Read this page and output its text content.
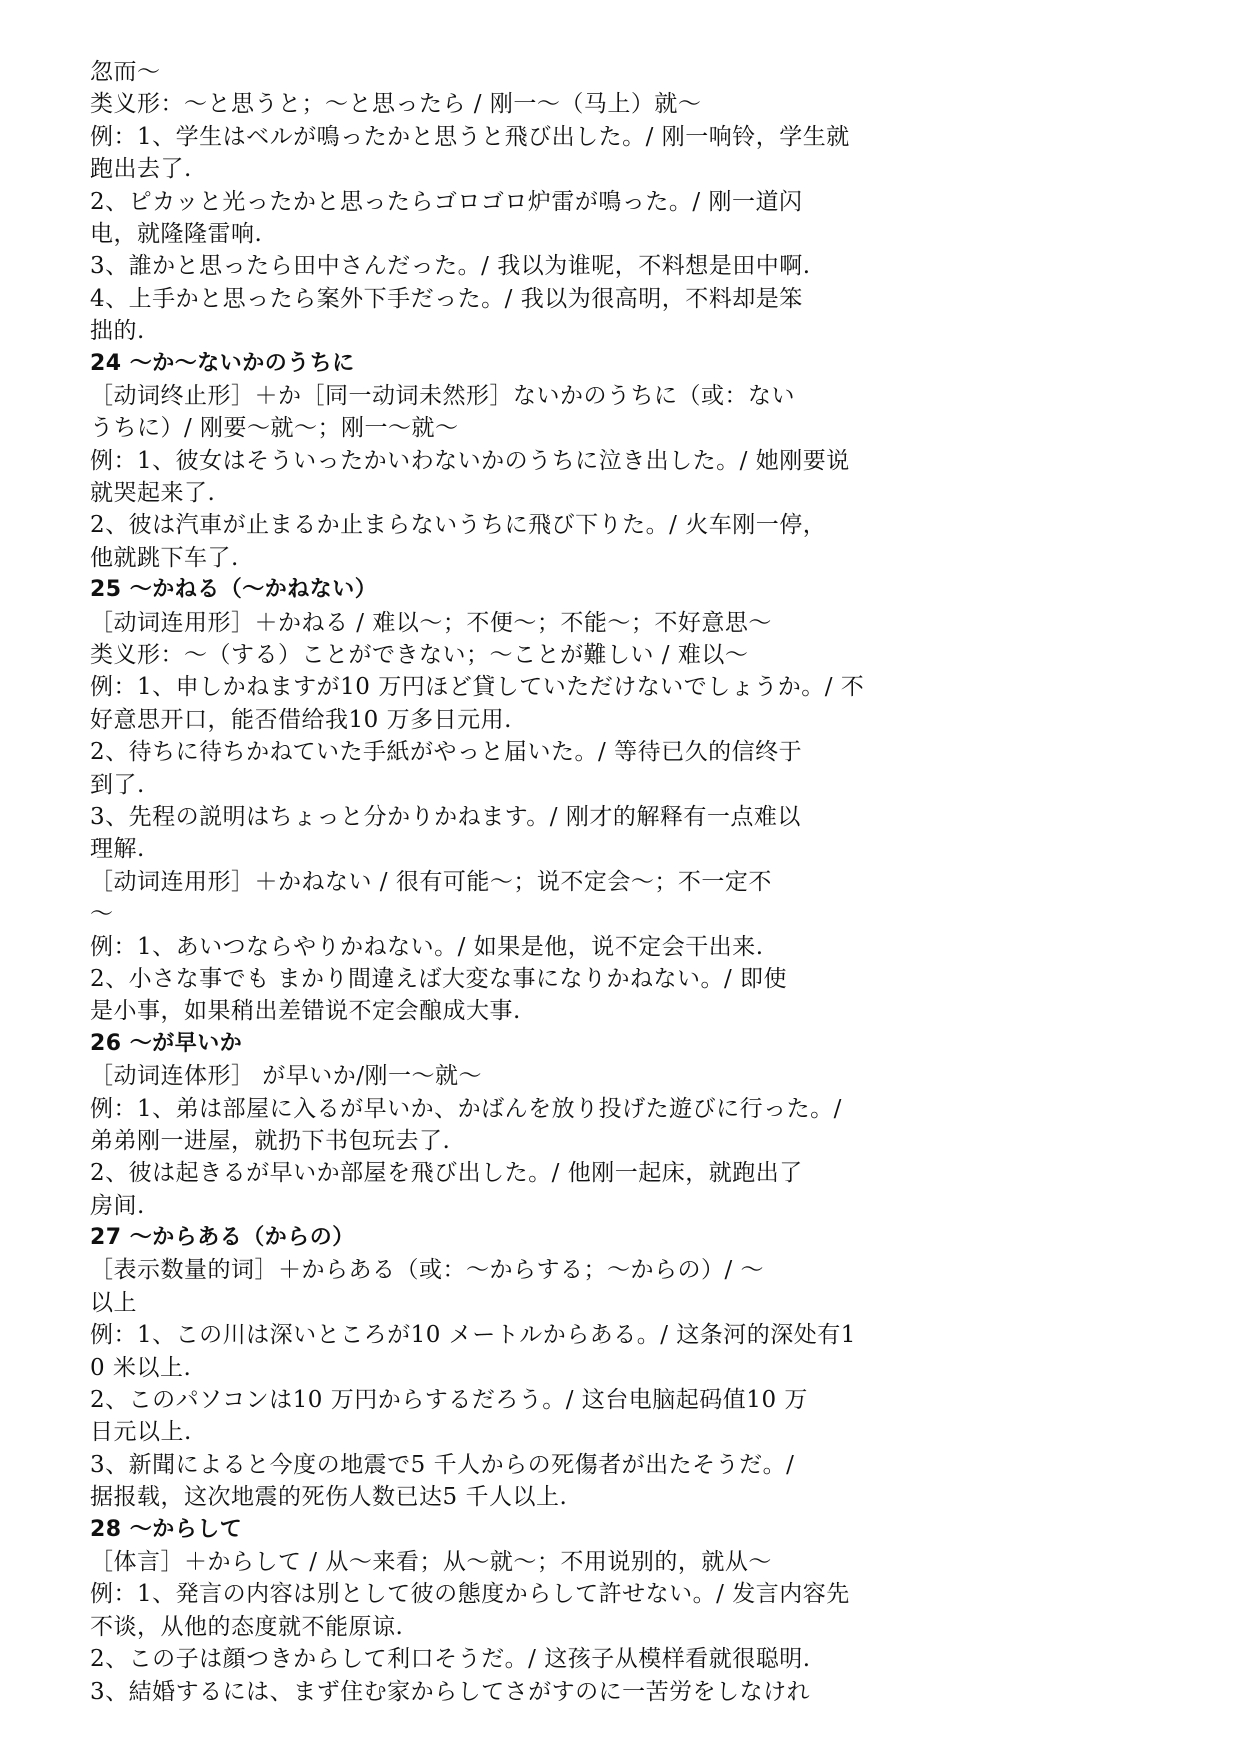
忽而～
类义形：～と思うと；～と思ったら / 刚一～（马上）就～
例：1、学生はベルが鳴ったかと思うと飛び出した。/ 刚一响铃，学生就
跑出去了.
2、ピカッと光ったかと思ったらゴロゴロ炉雷が鳴った。/ 刚一道闪
电，就隆隆雷响.
3、誰かと思ったら田中さんだった。/ 我以为谁呢，不料想是田中啊.
4、上手かと思ったら案外下手だった。/ 我以为很高明，不料却是笨
拙的.
24 ～か～ないかのうちに
［动词终止形］＋か［同一动词未然形］ないかのうちに（或：ない
うちに）/ 刚要～就～；刚一～就～
例：1、彼女はそういったかいわないかのうちに泣き出した。/ 她刚要说
就哭起来了.
2、彼は汽車が止まるか止まらないうちに飛び下りた。/ 火车刚一停，
他就跳下车了.
25 ～かねる（～かねない）
［动词连用形］＋かねる / 难以～；不便～；不能～；不好意思～
类义形：～（する）ことができない；～ことが難しい / 难以～
例：1、申しかねますが10 万円ほど貸していただけないでしょうか。/ 不
好意思开口，能否借给我10 万多日元用.
2、待ちに待ちかねていた手紙がやっと届いた。/ 等待已久的信终于
到了.
3、先程の説明はちょっと分かりかねます。/ 刚才的解释有一点难以
理解.
［动词连用形］＋かねない / 很有可能～；说不定会～；不一定不
～
例：1、あいつならやりかねない。/ 如果是他，说不定会干出来.
2、小さな事でも まかり間違えば大変な事になりかねない。/ 即使
是小事，如果稍出差错说不定会酿成大事.
26 ～が早いか
［动词连体形］ が早いか/刚一～就～
例：1、弟は部屋に入るが早いか、かばんを放り投げた遊びに行った。/
弟弟刚一进屋，就扔下书包玩去了.
2、彼は起きるが早いか部屋を飛び出した。/ 他刚一起床，就跑出了
房间.
27 ～からある（からの）
［表示数量的词］＋からある（或：～からする；～からの）/ ～
以上
例：1、この川は深いところが10 メートルからある。/ 这条河的深处有1
0 米以上.
2、このパソコンは10 万円からするだろう。/ 这台电脑起码值10 万
日元以上.
3、新聞によると今度の地震で5 千人からの死傷者が出たそうだ。/
据报载，这次地震的死伤人数已达5 千人以上.
28 ～からして
［体言］＋からして / 从～来看；从～就～；不用说别的，就从～
例：1、発言の内容は別として彼の態度からして許せない。/ 发言内容先
不谈，从他的态度就不能原谅.
2、この子は顔つきからして利口そうだ。/ 这孩子从模样看就很聪明.
3、結婚するには、まず住む家からしてさがすのに一苦労をしなけれ
